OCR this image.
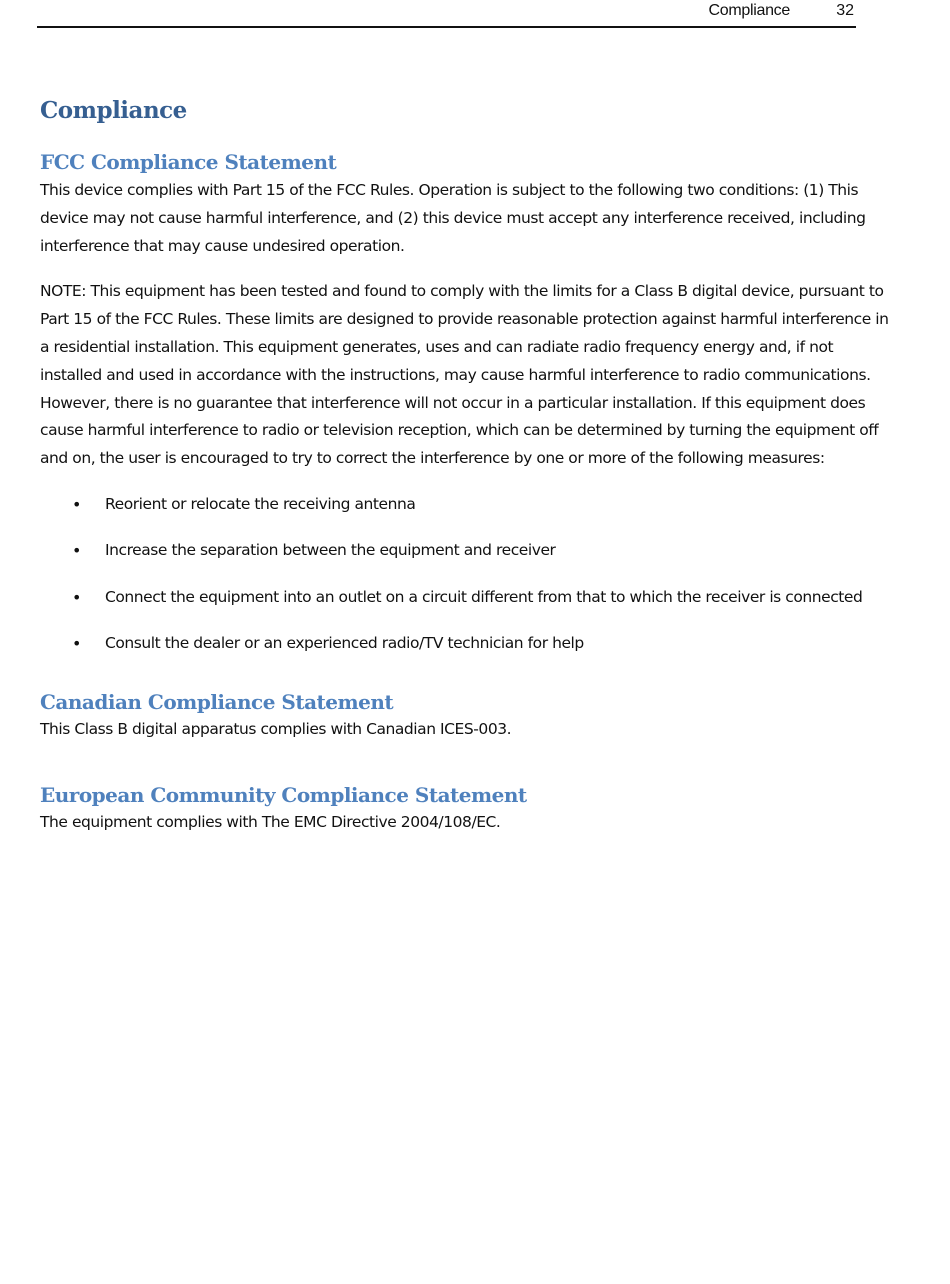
Compliance	32
Compliance
FCC Compliance Statement

This device complies with Part 15 of the FCC Rules. Operation is subject to the following two conditions: (1) This device may not cause harmful interference, and (2) this device must accept any interference received, including interference that may cause undesired operation.

NOTE: This equipment has been tested and found to comply with the limits for a Class B digital device, pursuant to Part 15 of the FCC Rules. These limits are designed to provide reasonable protection against harmful interference in a residential installation. This equipment generates, uses and can radiate radio frequency energy and, if not installed and used in accordance with the instructions, may cause harmful interference to radio communications. However, there is no guarantee that interference will not occur in a particular installation. If this equipment does cause harmful interference to radio or television reception, which can be determined by turning the equipment off and on, the user is encouraged to try to correct the interference by one or more of the following measures:

• Reorient or relocate the receiving antenna
• Increase the separation between the equipment and receiver
• Connect the equipment into an outlet on a circuit different from that to which the receiver is connected
• Consult the dealer or an experienced radio/TV technician for help
Canadian Compliance Statement

This Class B digital apparatus complies with Canadian ICES-003.

European Community Compliance Statement

The equipment complies with The EMC Directive 2004/108/EC.
